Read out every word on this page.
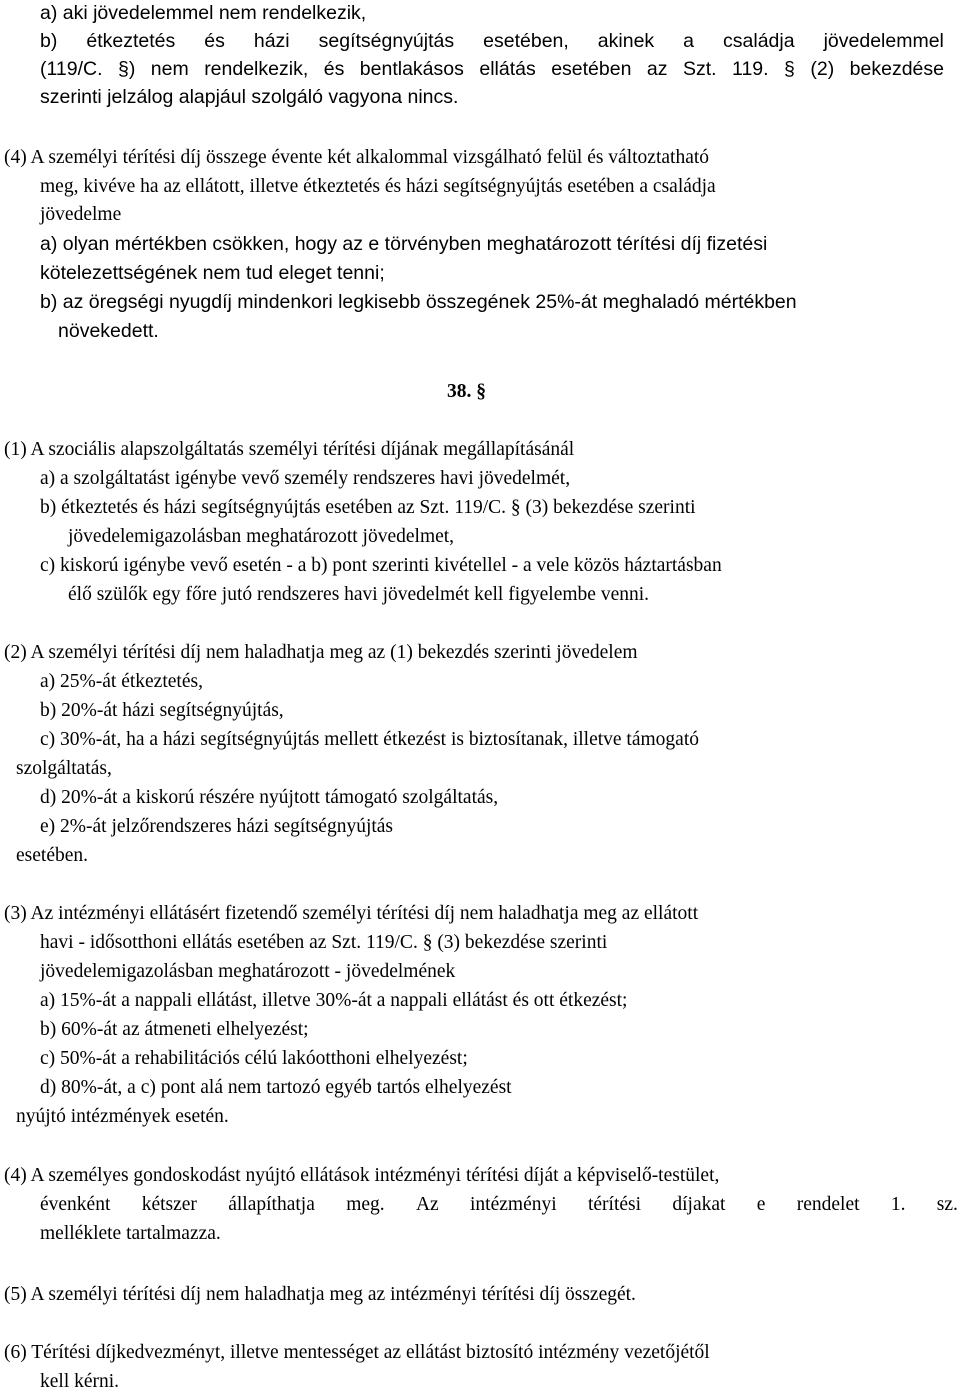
a) aki jövedelemmel nem rendelkezik,
b) étkeztetés és házi segítségnyújtás esetében, akinek a családja jövedelemmel
(119/C. §) nem rendelkezik, és bentlakásos ellátás esetében az Szt. 119. § (2) bekezdése
szerinti jelzálog alapjául szolgáló vagyona nincs.
(4) A személyi térítési díj összege évente két alkalommal vizsgálható felül és változtatható
meg, kivéve ha az ellátott, illetve étkeztetés és házi segítségnyújtás esetében a családja
jövedelme
a) olyan mértékben csökken, hogy az e törvényben meghatározott térítési díj fizetési
kötelezettségének nem tud eleget tenni;
b) az öregségi nyugdíj mindenkori legkisebb összegének 25%-át meghaladó mértékben
növekedett.
38. §
(1) A szociális alapszolgáltatás személyi térítési díjának megállapításánál
a) a szolgáltatást igénybe vevő személy rendszeres havi jövedelmét,
b) étkeztetés és házi segítségnyújtás esetében az Szt. 119/C. § (3) bekezdése szerinti
jövedelemigazolásban meghatározott jövedelmet,
c) kiskorú igénybe vevő esetén - a b) pont szerinti kivétellel - a vele közös háztartásban
élő szülők egy főre jutó rendszeres havi jövedelmét kell figyelembe venni.
(2) A személyi térítési díj nem haladhatja meg az (1) bekezdés szerinti jövedelem
a) 25%-át étkeztetés,
b) 20%-át házi segítségnyújtás,
c) 30%-át, ha a házi segítségnyújtás mellett étkezést is biztosítanak, illetve támogató
szolgáltatás,
d) 20%-át a kiskorú részére nyújtott támogató szolgáltatás,
e) 2%-át jelzőrendszeres házi segítségnyújtás
esetében.
(3) Az intézményi ellátásért fizetendő személyi térítési díj nem haladhatja meg az ellátott
havi - idősotthoni ellátás esetében az Szt. 119/C. § (3) bekezdése szerinti
jövedelemigazolásban meghatározott - jövedelmének
a) 15%-át a nappali ellátást, illetve 30%-át a nappali ellátást és ott étkezést;
b) 60%-át az átmeneti elhelyezést;
c) 50%-át a rehabilitációs célú lakóotthoni elhelyezést;
d) 80%-át, a c) pont alá nem tartozó egyéb tartós elhelyezést
nyújtó intézmények esetén.
(4) A személyes gondoskodást nyújtó ellátások intézményi térítési díját a képviselő-testület,
évenként kétszer állapíthatja meg. Az intézményi térítési díjakat e rendelet 1. sz.
melléklete tartalmazza.
(5) A személyi térítési díj nem haladhatja meg az intézményi térítési díj összegét.
(6) Térítési díjkedvezményt, illetve mentességet az ellátást biztosító intézmény vezetőjétől
kell kérni.
